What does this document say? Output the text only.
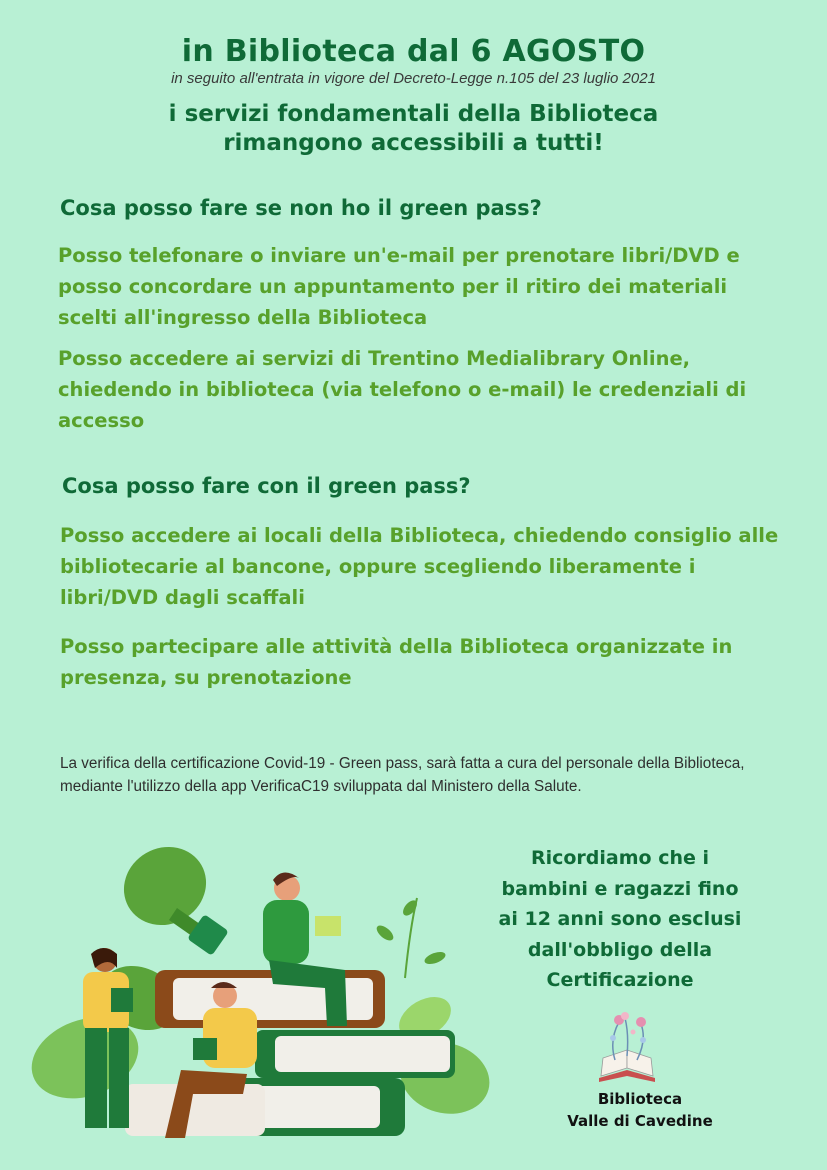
in Biblioteca dal 6 AGOSTO
in seguito all'entrata in vigore del Decreto-Legge n.105 del 23 luglio 2021
i servizi fondamentali della Biblioteca
rimangono accessibili a tutti!
Cosa posso fare se non ho il green pass?
Posso telefonare o inviare un'e-mail per prenotare libri/DVD e posso concordare un appuntamento per il ritiro dei materiali scelti all'ingresso della Biblioteca
Posso accedere ai servizi di Trentino Medialibrary Online, chiedendo in biblioteca (via telefono o e-mail) le credenziali di accesso
Cosa posso fare con il green pass?
Posso accedere ai locali della Biblioteca, chiedendo consiglio alle bibliotecarie al bancone, oppure scegliendo liberamente i libri/DVD dagli scaffali
Posso partecipare alle attività della Biblioteca organizzate in presenza, su prenotazione
La verifica della certificazione Covid-19 - Green pass, sarà fatta a cura del personale della Biblioteca, mediante l'utilizzo della app VerificaC19 sviluppata dal Ministero della Salute.
Ricordiamo che i
bambini e ragazzi fino
ai 12 anni sono esclusi
dall'obbligo della
Certificazione
Biblioteca
Valle di Cavedine
